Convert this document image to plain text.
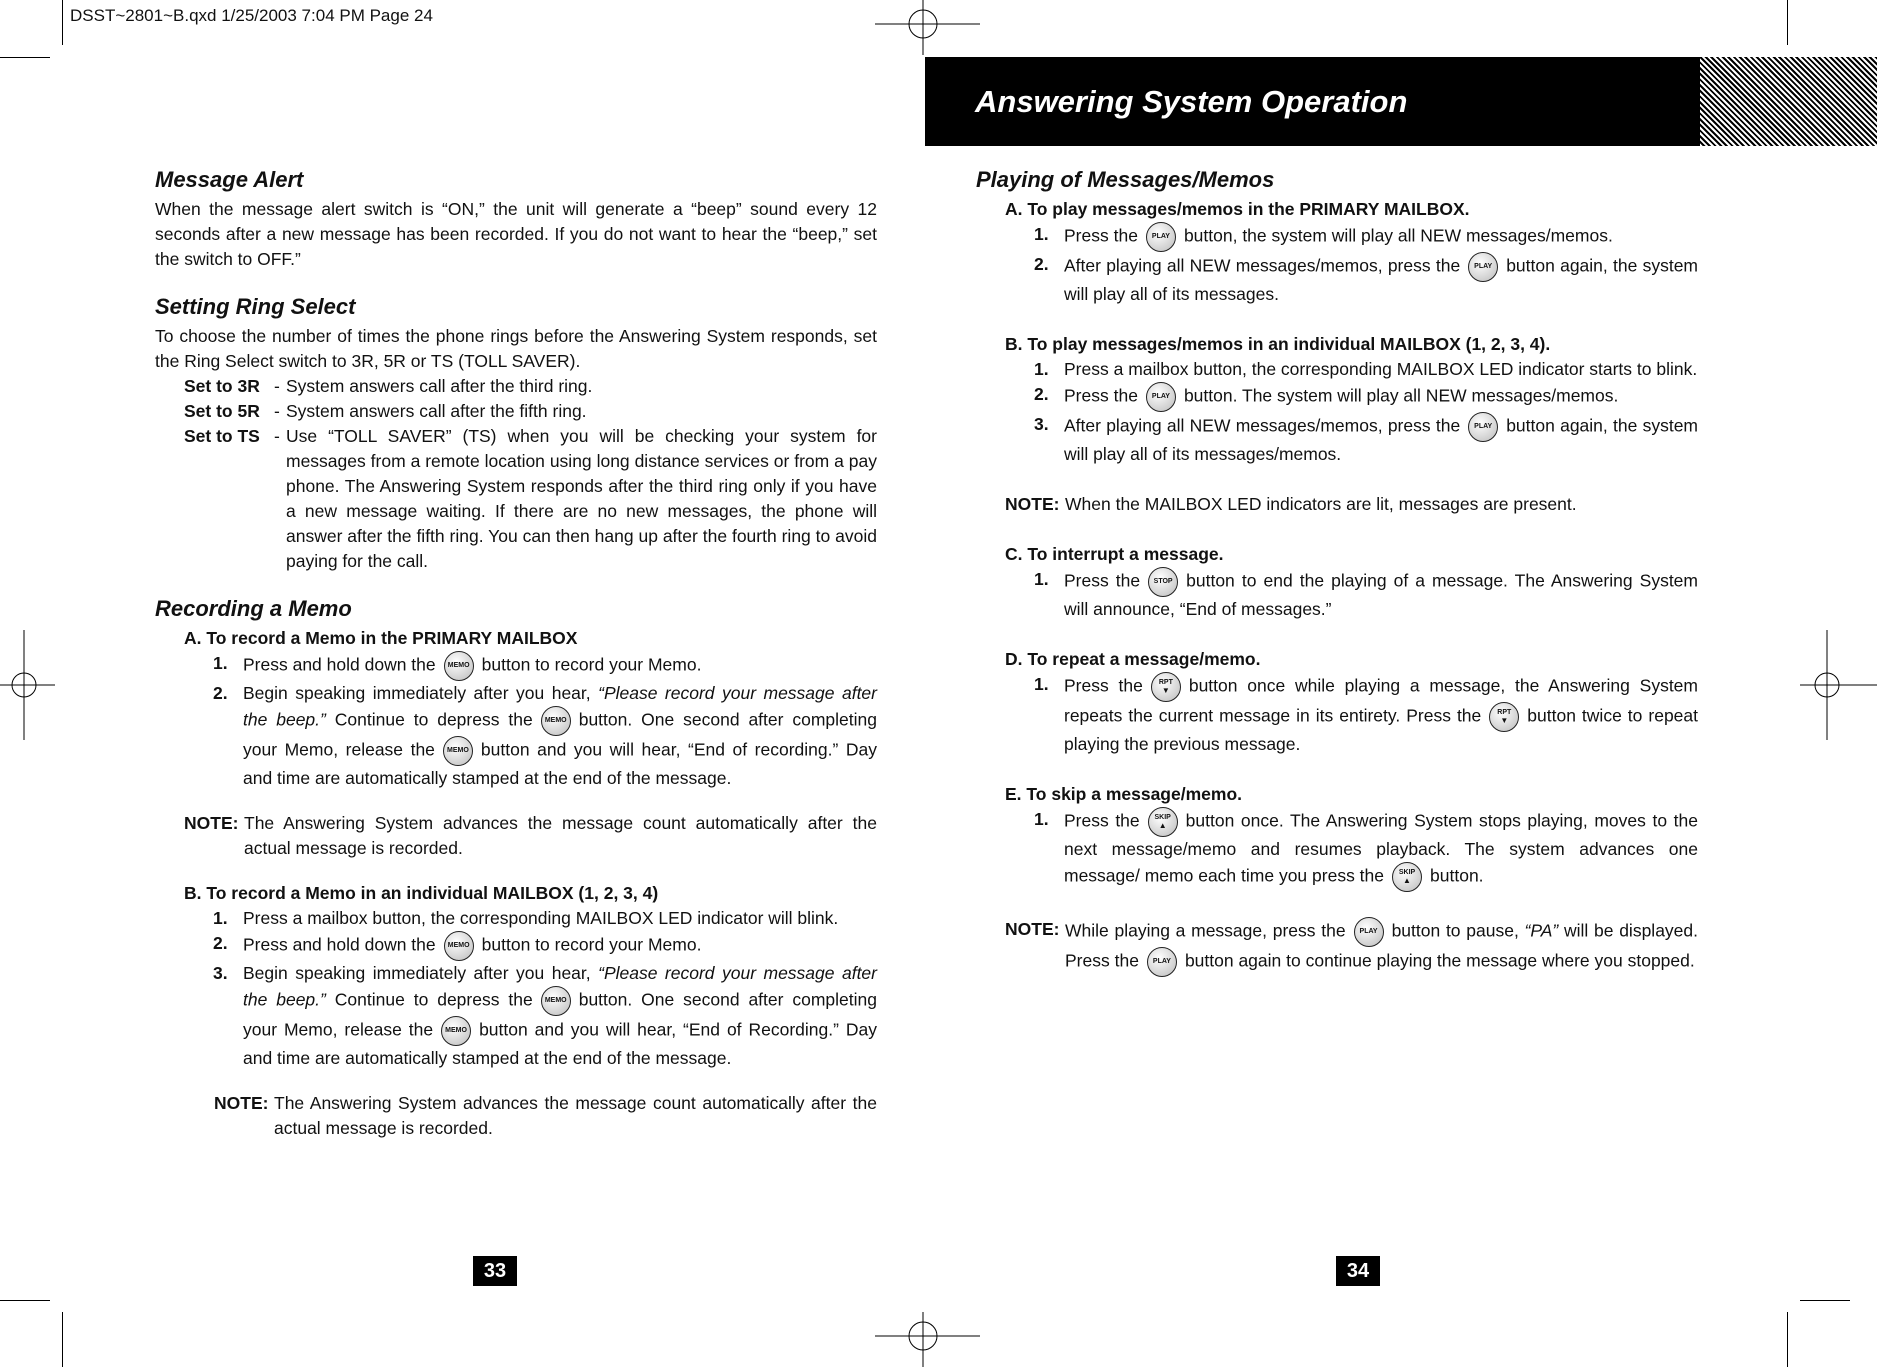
DSST~2801~B.qxd 1/25/2003 7:04 PM Page 24
Answering System Operation
Message Alert

When the message alert switch is “ON,” the unit will generate a “beep” sound every 12 seconds after a new message has been recorded. If you do not want to hear the “beep,” set the switch to OFF.”

Setting Ring Select

To choose the number of times the phone rings before the Answering System responds, set the Ring Select switch to 3R, 5R or TS (TOLL SAVER).

Set to 3R - System answers call after the third ring.
Set to 5R - System answers call after the fifth ring.
Set to TS - Use “TOLL SAVER” (TS) when you will be checking your system for messages from a remote location using long distance services or from a pay phone. The Answering System responds after the third ring only if you have a new message waiting. If there are no new messages, the phone will answer after the fifth ring. You can then hang up after the fourth ring to avoid paying for the call.
Recording a Memo
A. To record a Memo in the PRIMARY MAILBOX
1. Press and hold down the MEMO button to record your Memo.
2. Begin speaking immediately after you hear, “Please record your message after the beep.” Continue to depress the MEMO button. One second after completing your Memo, release the MEMO button and you will hear, “End of recording.” Day and time are automatically stamped at the end of the message.
NOTE: The Answering System advances the message count automatically after the actual message is recorded.
B. To record a Memo in an individual MAILBOX (1, 2, 3, 4)
1. Press a mailbox button, the corresponding MAILBOX LED indicator will blink.
2. Press and hold down the MEMO button to record your Memo.
3. Begin speaking immediately after you hear, “Please record your message after the beep.” Continue to depress the MEMO button. One second after completing your Memo, release the MEMO button and you will hear, “End of Recording.” Day and time are automatically stamped at the end of the message.
NOTE: The Answering System advances the message count automatically after the actual message is recorded.
33
Playing of Messages/Memos
A. To play messages/memos in the PRIMARY MAILBOX.
1. Press the PLAY button, the system will play all NEW messages/memos.
2. After playing all NEW messages/memos, press the PLAY button again, the system will play all of its messages.
B. To play messages/memos in an individual MAILBOX (1, 2, 3, 4).
1. Press a mailbox button, the corresponding MAILBOX LED indicator starts to blink.
2. Press the PLAY button. The system will play all NEW messages/memos.
3. After playing all NEW messages/memos, press the PLAY button again, the system will play all of its messages/memos.
NOTE: When the MAILBOX LED indicators are lit, messages are present.
C. To interrupt a message.
1. Press the STOP button to end the playing of a message. The Answering System will announce, “End of messages.”
D. To repeat a message/memo.
1. Press the RPT
▼ button once while playing a message, the Answering System repeats the current message in its entirety. Press the RPT
▼ button twice to repeat playing the previous message.
E. To skip a message/memo.
1. Press the SKIP
▲ button once. The Answering System stops playing, moves to the next message/memo and resumes playback. The system advances one message/ memo each time you press the SKIP
▲ button.
NOTE: While playing a message, press the PLAY button to pause, “PA” will be displayed. Press the PLAY button again to continue playing the message where you stopped.
34
